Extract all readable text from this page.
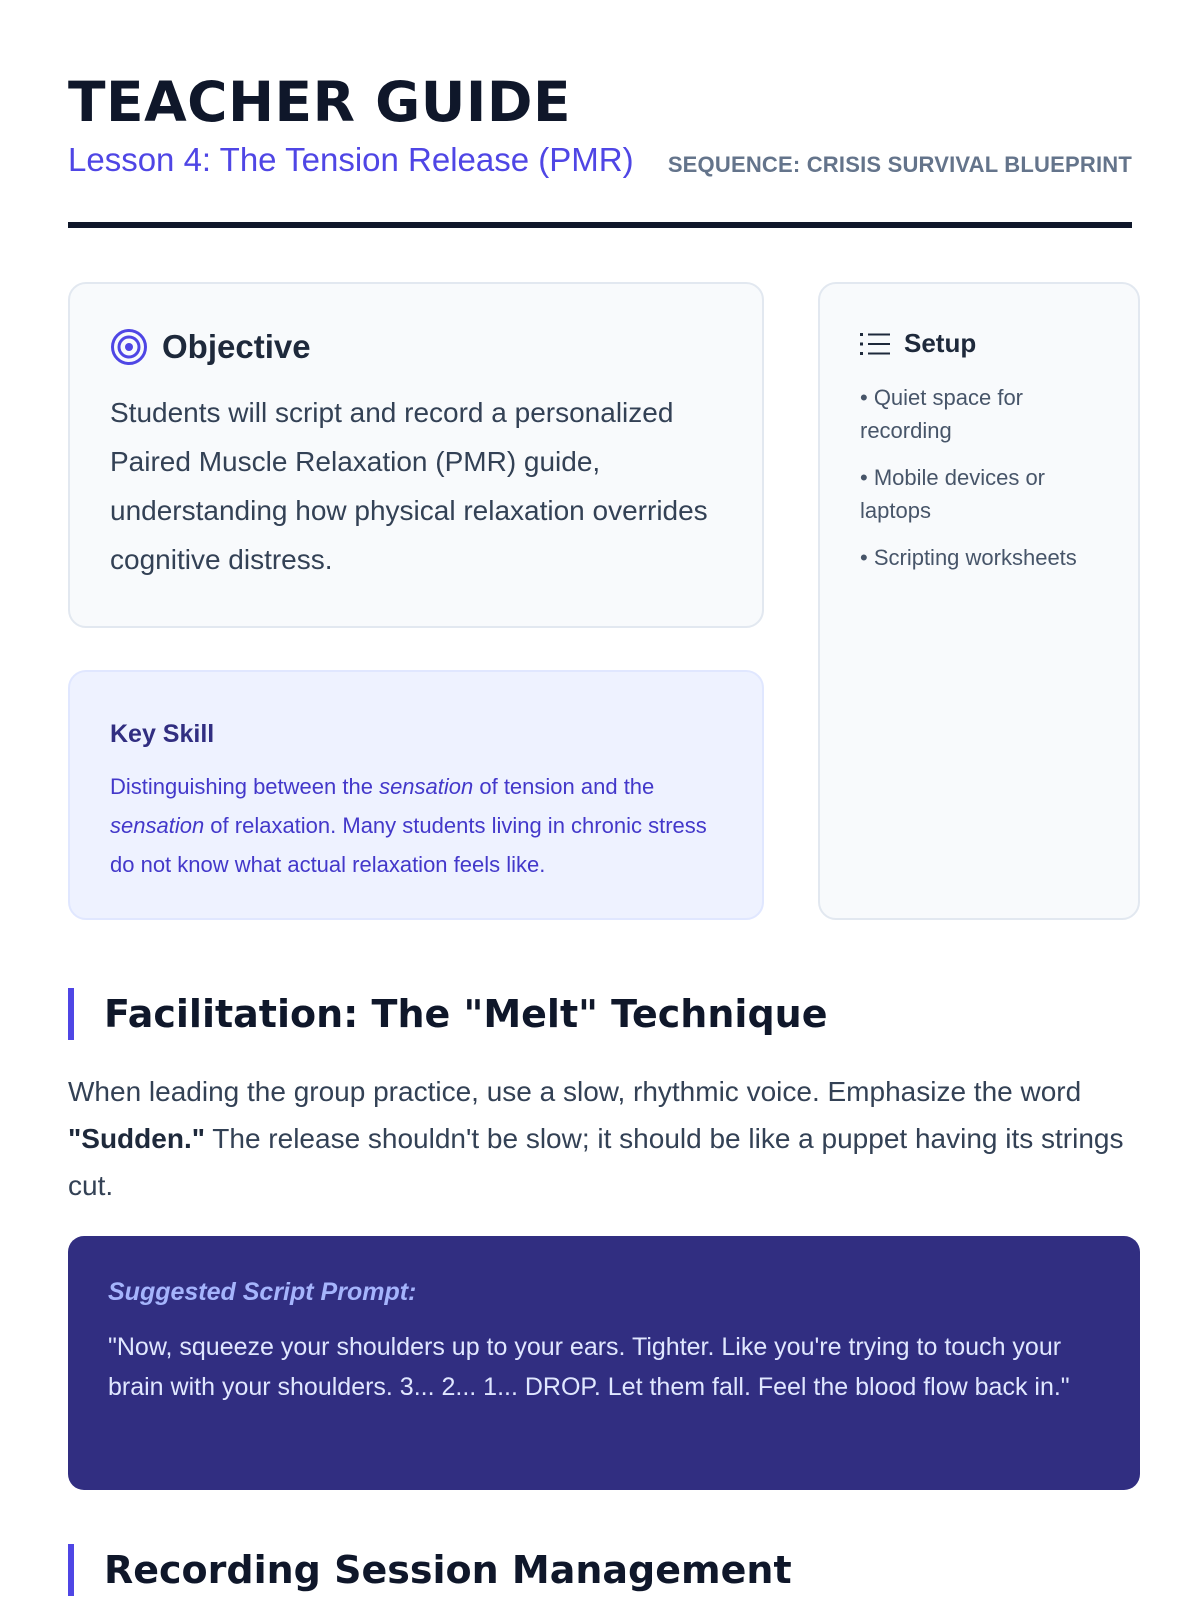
TEACHER GUIDE
Lesson 4: The Tension Release (PMR)	SEQUENCE: CRISIS SURVIVAL BLUEPRINT
Objective

Students will script and record a personalized Paired Muscle Relaxation (PMR) guide, understanding how physical relaxation overrides cognitive distress.

Key Skill

Distinguishing between the sensation of tension and the sensation of relaxation. Many students living in chronic stress do not know what actual relaxation feels like.

Setup
• Quiet space for recording
• Mobile devices or laptops
• Scripting worksheets
Facilitation: The "Melt" Technique

When leading the group practice, use a slow, rhythmic voice. Emphasize the word "Sudden." The release shouldn't be slow; it should be like a puppet having its strings cut.

Suggested Script Prompt:

"Now, squeeze your shoulders up to your ears. Tighter. Like you're trying to touch your brain with your shoulders. 3... 2... 1... DROP. Let them fall. Feel the blood flow back in."

Recording Session Management
